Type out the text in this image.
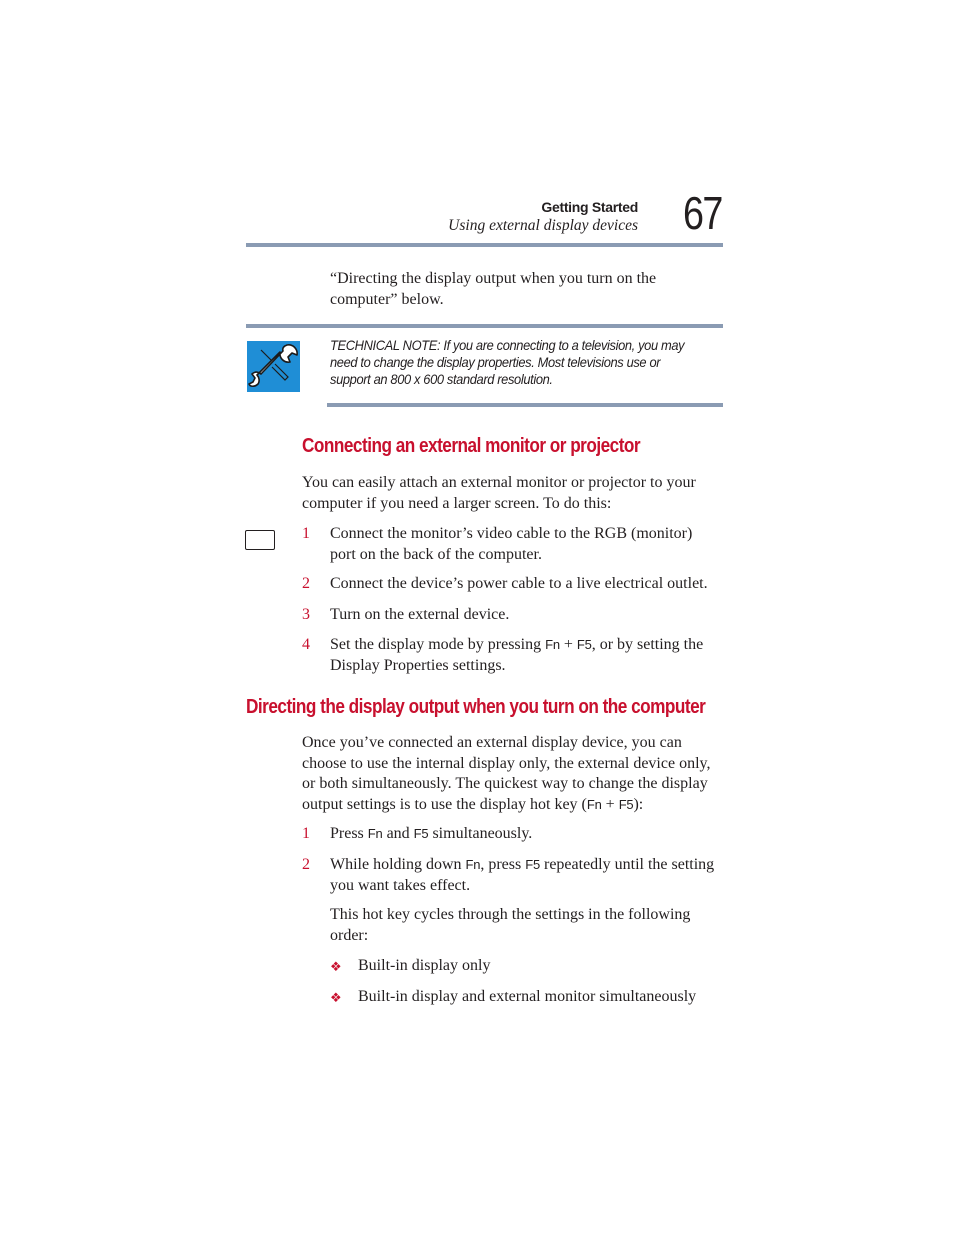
Getting Started
Using external display devices 67
“Directing the display output when you turn on the computer” below.
TECHNICAL NOTE: If you are connecting to a television, you may need to change the display properties. Most televisions use or support an 800 x 600 standard resolution.
Connecting an external monitor or projector
You can easily attach an external monitor or projector to your computer if you need a larger screen. To do this:
1 Connect the monitor’s video cable to the RGB (monitor) port on the back of the computer.
2 Connect the device’s power cable to a live electrical outlet.
3 Turn on the external device.
4 Set the display mode by pressing Fn + F5, or by setting the Display Properties settings.
Directing the display output when you turn on the computer
Once you’ve connected an external display device, you can choose to use the internal display only, the external device only, or both simultaneously. The quickest way to change the display output settings is to use the display hot key (Fn + F5):
1 Press Fn and F5 simultaneously.
2 While holding down Fn, press F5 repeatedly until the setting you want takes effect.
This hot key cycles through the settings in the following order:
❖ Built-in display only
❖ Built-in display and external monitor simultaneously
